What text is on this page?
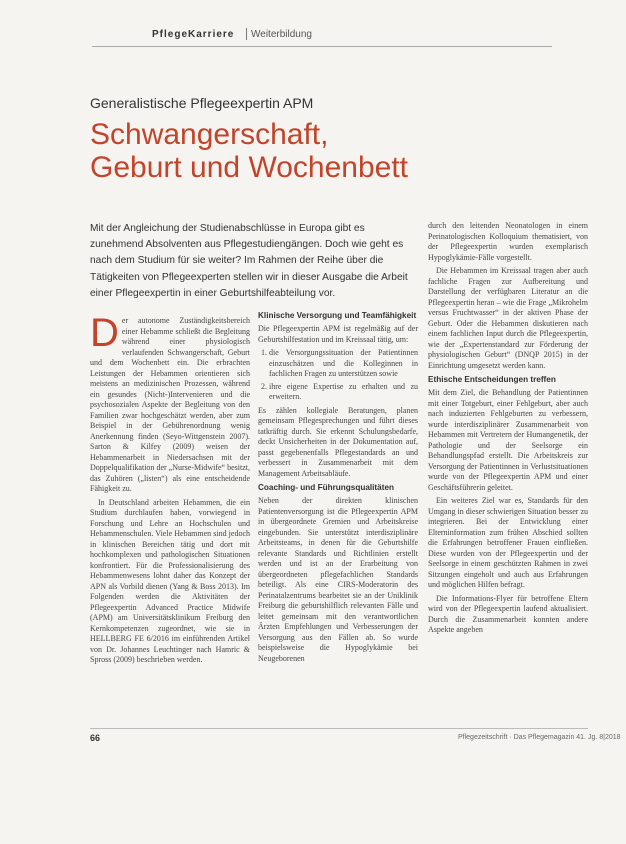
PflegeKarriere Weiterbildung
Generalistische Pflegeexpertin APM
Schwangerschaft,
Geburt und Wochenbett
Mit der Angleichung der Studienabschlüsse in Europa gibt es zunehmend Absolventen aus Pflegestudiengängen. Doch wie geht es nach dem Studium für sie weiter? Im Rahmen der Reihe über die Tätigkeiten von Pflegeexperten stellen wir in dieser Ausgabe die Arbeit einer Pflegeexpertin in einer Geburtshilfeabteilung vor.
D er autonome Zuständigkeitsbereich einer Hebamme schließt die Begleitung während einer physiologisch verlaufenden Schwangerschaft, Geburt und dem Wochenbett ein. Die erbrachten Leistungen der Hebammen orientieren sich meistens an medizinischen Prozessen, während ein gesundes (Nicht-)Intervenieren und die psychosozialen Aspekte der Begleitung von den Familien zwar hochgeschätzt werden, aber zum Beispiel in der Gebührenordnung wenig Anerkennung finden (Seyo-Wittgenstein 2007). Sarton & Kilfey (2009) weisen der Hebammenarbeit in Niedersachsen mit der Doppelqualifikation der „Nurse-Midwife“ besitzt, das Zuhören („listen“) als eine entscheidende Fähigkeit zu.

In Deutschland arbeiten Hebammen, die ein Studium durchlaufen haben, vorwiegend in Forschung und Lehre an Hochschulen und Hebammenschulen. Viele Hebammen sind jedoch in klinischen Bereichen tätig und dort mit hochkomplexen und pathologischen Situationen konfrontiert. Für die Professionalisierung des Hebammenwesens lohnt daher das Konzept der APN als Vorbild dienen (Yang & Boss 2013). Im Folgenden werden die Aktivitäten der Pflegeexpertin Advanced Practice Midwife (APM) am Universitätsklinikum Freiburg den Kernkompetenzen zugeordnet, wie sie in HELLBERG FE 6/2016 im einführenden Artikel von Dr. Johannes Leuchtinger nach Hamric & Spross (2009) beschrieben werden.

Klinische Versorgung und Teamfähigkeit

Die Pflegeexpertin APM ist regelmäßig auf der Geburtshilfestation und im Kreissaal tätig, um:

1. die Versorgungssituation der Patientinnen einzuschätzen und die Kolleginnen in fachlichen Fragen zu unterstützen sowie
2. ihre eigene Expertise zu erhalten und zu erweitern.

Es zählen kollegiale Beratungen, planen gemeinsam Pflegesprechungen und führt dieses tatkräftig durch. Sie erkennt Schulungsbedarfe, deckt Unsicherheiten in der Dokumentation auf, passt gegebenenfalls Pflegestandards an und verbessert in Zusammenarbeit mit dem Management Arbeitsabläufe.

Coaching- und Führungsqualitäten

Neben der direkten klinischen Patientenversorgung ist die Pflegeexpertin APM in übergeordnete Gremien und Arbeitskreise eingebunden. Sie unterstützt interdisziplinäre Arbeitsteams, in denen für die Geburtshilfe relevante Standards und Richtlinien erstellt werden und ist an der Erarbeitung von übergeordneten pflegefachlichen Standards beteiligt. Als eine CIRS-Moderatorin des Perinatalzentrums bearbeitet sie an der Uniklinik Freiburg die geburtshilflich relevanten Fälle und leitet gemeinsam mit den verantwortlichen Ärzten Empfehlungen und Verbesserungen der Versorgung aus den Fällen ab. So wurde beispielsweise die Hypoglykämie bei Neugeborenen

durch den leitenden Neonatologen in einem Perinatologischen Kolloquium thematisiert, von der Pflegeexpertin wurden exemplarisch Hypoglykämie-Fälle vorgestellt.

Die Hebammen im Kreissaal tragen aber auch fachliche Fragen zur Aufbereitung und Darstellung der verfügbaren Literatur an die Pflegeexpertin heran – wie die Frage „Mikrohelm versus Fruchtwasser“ in der aktiven Phase der Geburt. Oder die Hebammen diskutieren nach einem fachlichen Input durch die Pflegeexpertin, wie der „Expertenstandard zur Förderung der physiologischen Geburt“ (DNQP 2015) in der Einrichtung umgesetzt werden kann.

Ethische Entscheidungen treffen

Mit dem Ziel, die Behandlung der Patientinnen mit einer Totgeburt, einer Fehlgeburt, aber auch nach induzierten Fehlgeburten zu verbessern, wurde interdisziplinärer Zusammenarbeit von Hebammen mit Vertretern der Humangenetik, der Pathologie und der Seelsorge ein Behandlungspfad erstellt. Die Arbeitskreis zur Versorgung der Patientinnen in Verlustsituationen wurde von der Pflegeexpertin APM und einer Geschäftsführerin geleitet.

Ein weiteres Ziel war es, Standards für den Umgang in dieser schwierigen Situation besser zu integrieren. Bei der Entwicklung einer Elterninformation zum frühen Abschied sollten die Erfahrungen betroffener Frauen einfließen. Diese wurden von der Pflegeexpertin und der Seelsorge in einem geschützten Rahmen in zwei Sitzungen eingeholt und auch aus Erfahrungen und möglichen Hilfen befragt.

Die Informations-Flyer für betroffene Eltern wird von der Pflegeexpertin laufend aktualisiert. Durch die Zusammenarbeit konnten andere Aspekte angeben

66	Pflegezeitschrift · Das Pflegemagazin 41. Jg. 8|2018
